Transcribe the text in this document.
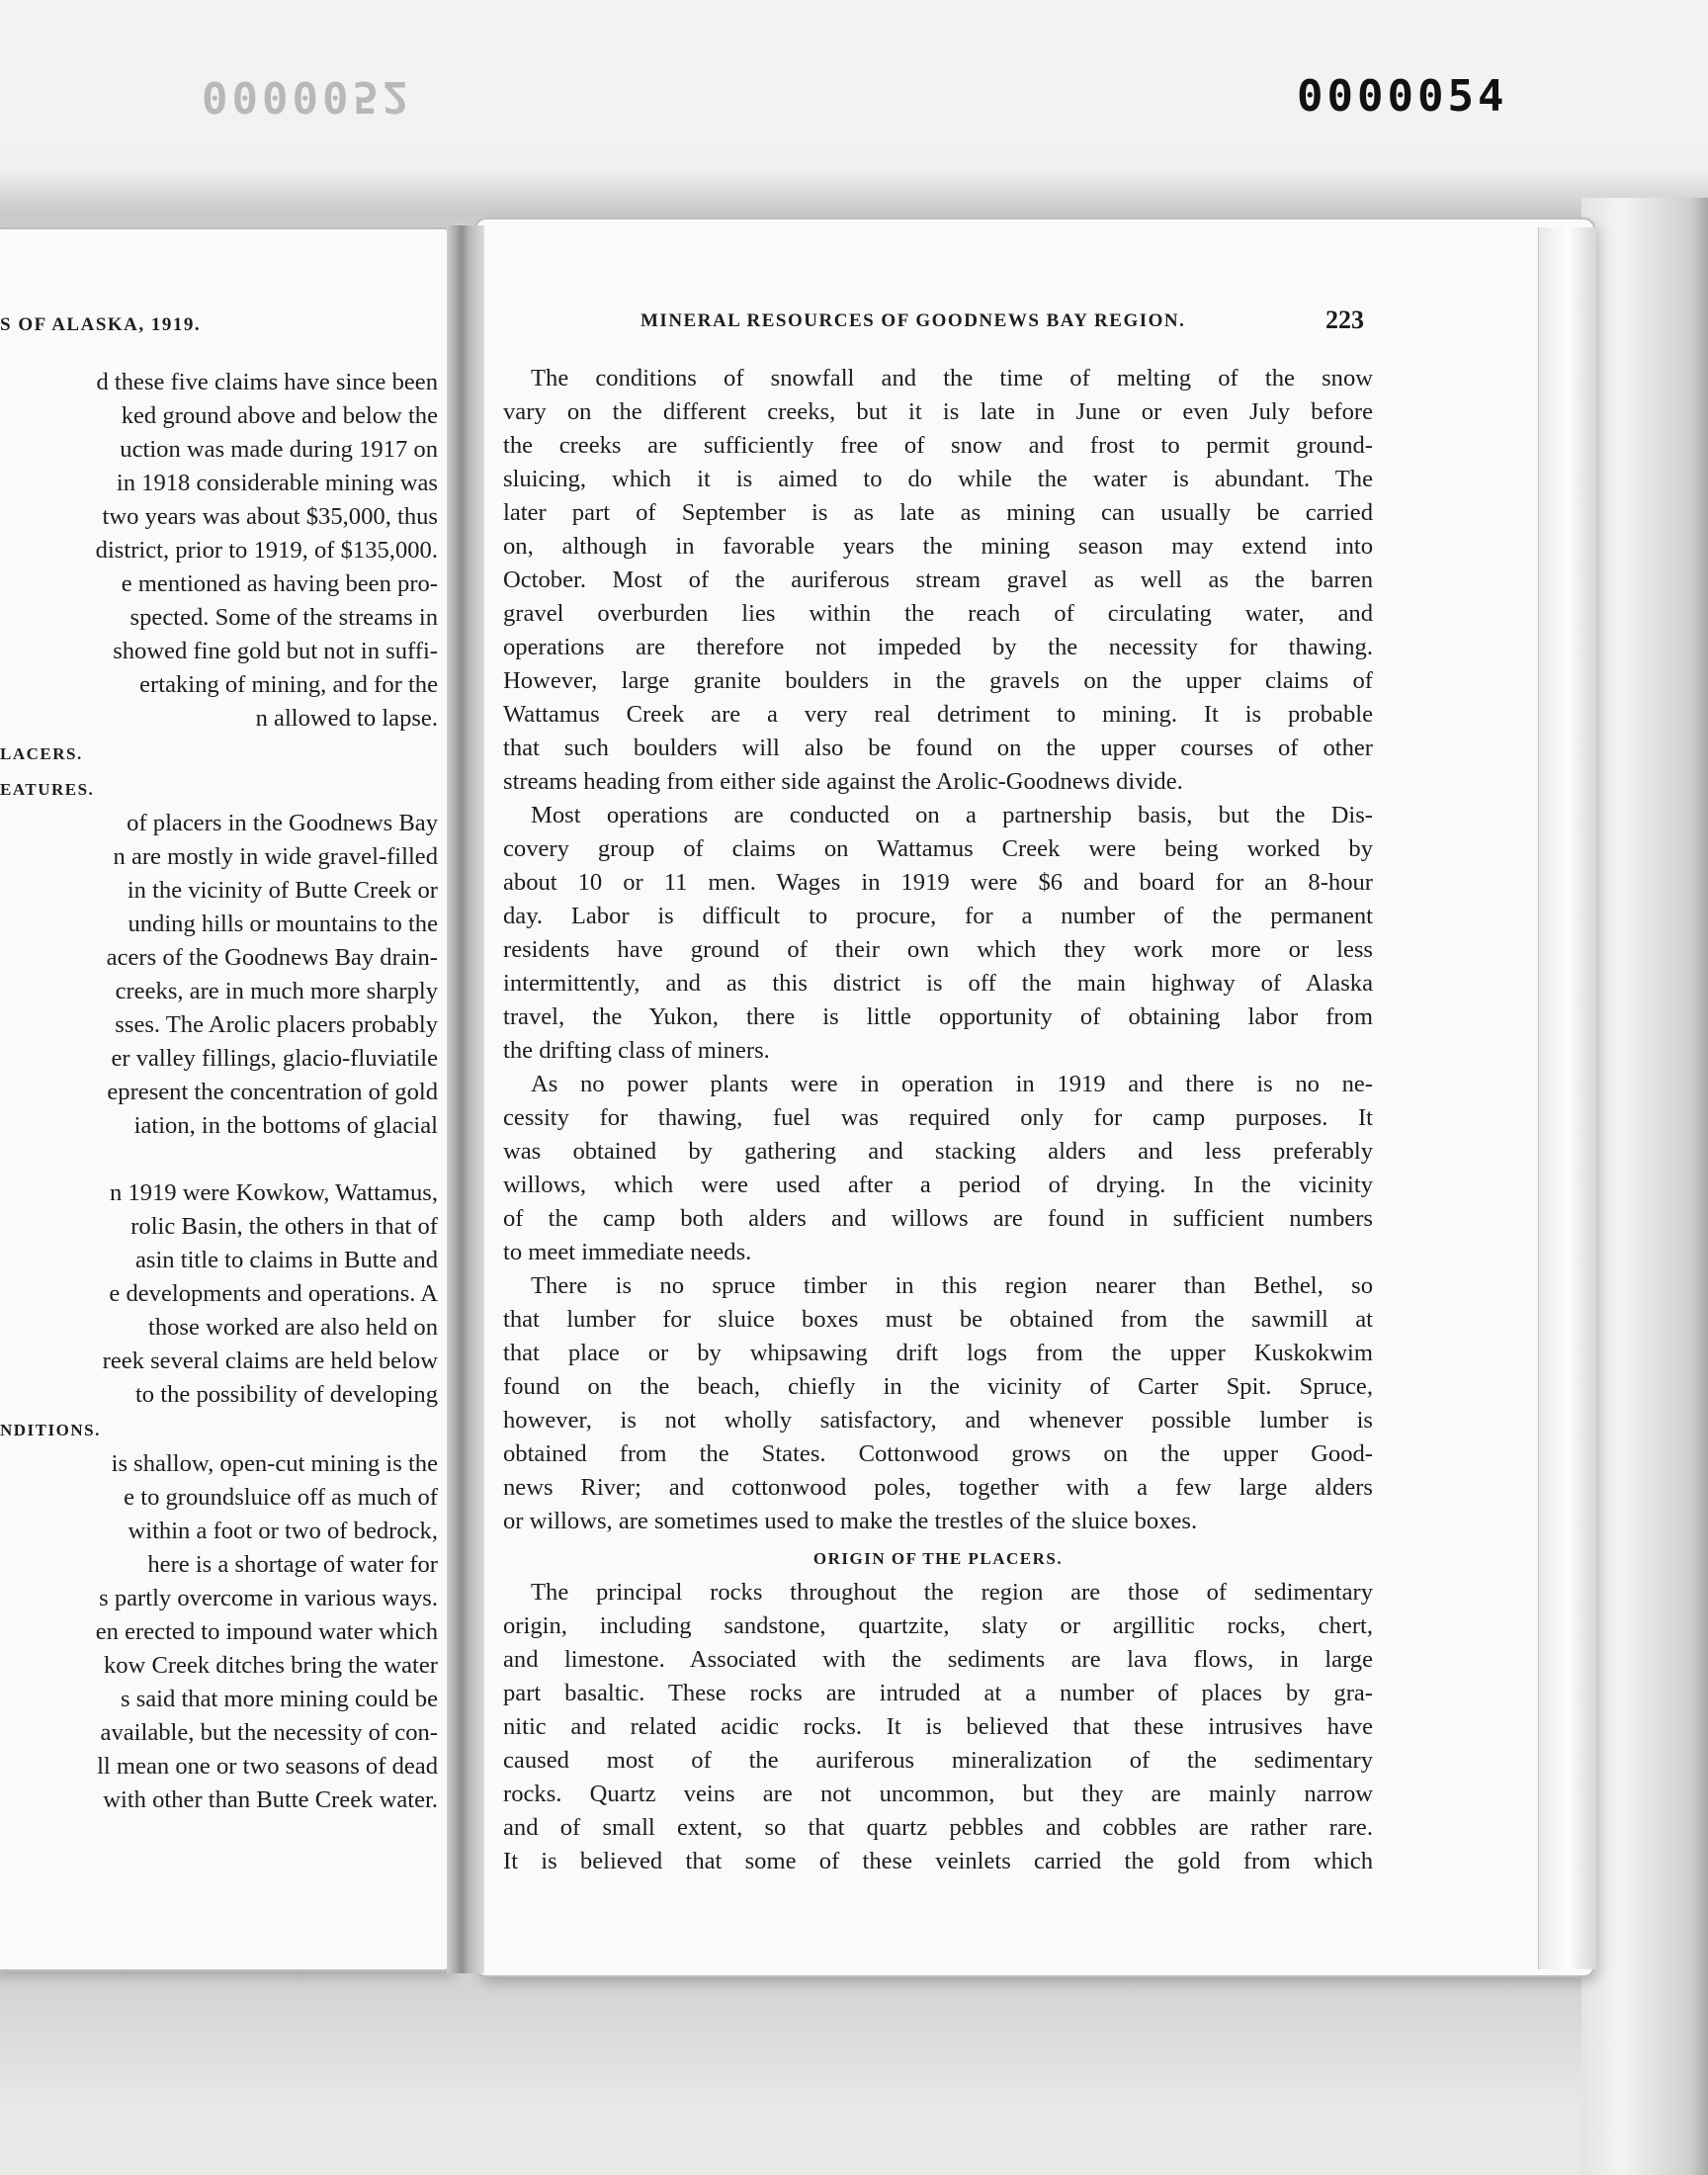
0000052	0000054
S OF ALASKA, 1919.	MINERAL RESOURCES OF GOODNEWS BAY REGION.	223
d these five claims have since been
ked ground above and below the
uction was made during 1917 on
in 1918 considerable mining was
two years was about $35,000, thus
district, prior to 1919, of $135,000.
e mentioned as having been pro-
spected. Some of the streams in
showed fine gold but not in suffi-
ertaking of mining, and for the
n allowed to lapse.
LACERS.
EATURES.
of placers in the Goodnews Bay
n are mostly in wide gravel-filled
in the vicinity of Butte Creek or
unding hills or mountains to the
acers of the Goodnews Bay drain-
creeks, are in much more sharply
sses. The Arolic placers probably
er valley fillings, glacio-fluviatile
epresent the concentration of gold
iation, in the bottoms of glacial
n 1919 were Kowkow, Wattamus,
rolic Basin, the others in that of
asin title to claims in Butte and
e developments and operations. A
those worked are also held on
reek several claims are held below
to the possibility of developing
NDITIONS.
is shallow, open-cut mining is the
e to groundsluice off as much of
within a foot or two of bedrock,
here is a shortage of water for
s partly overcome in various ways.
en erected to impound water which
kow Creek ditches bring the water
s said that more mining could be
available, but the necessity of con-
ll mean one or two seasons of dead
with other than Butte Creek water.
The conditions of snowfall and the time of melting of the snow
vary on the different creeks, but it is late in June or even July before
the creeks are sufficiently free of snow and frost to permit ground-
sluicing, which it is aimed to do while the water is abundant. The
later part of September is as late as mining can usually be carried
on, although in favorable years the mining season may extend into
October. Most of the auriferous stream gravel as well as the barren
gravel overburden lies within the reach of circulating water, and
operations are therefore not impeded by the necessity for thawing.
However, large granite boulders in the gravels on the upper claims of
Wattamus Creek are a very real detriment to mining. It is probable
that such boulders will also be found on the upper courses of other
streams heading from either side against the Arolic-Goodnews divide.
Most operations are conducted on a partnership basis, but the Dis-
covery group of claims on Wattamus Creek were being worked by
about 10 or 11 men. Wages in 1919 were $6 and board for an 8-hour
day. Labor is difficult to procure, for a number of the permanent
residents have ground of their own which they work more or less
intermittently, and as this district is off the main highway of Alaska
travel, the Yukon, there is little opportunity of obtaining labor from
the drifting class of miners.
As no power plants were in operation in 1919 and there is no ne-
cessity for thawing, fuel was required only for camp purposes. It
was obtained by gathering and stacking alders and less preferably
willows, which were used after a period of drying. In the vicinity
of the camp both alders and willows are found in sufficient numbers
to meet immediate needs.
There is no spruce timber in this region nearer than Bethel, so
that lumber for sluice boxes must be obtained from the sawmill at
that place or by whipsawing drift logs from the upper Kuskokwim
found on the beach, chiefly in the vicinity of Carter Spit. Spruce,
however, is not wholly satisfactory, and whenever possible lumber is
obtained from the States. Cottonwood grows on the upper Good-
news River; and cottonwood poles, together with a few large alders
or willows, are sometimes used to make the trestles of the sluice boxes.
ORIGIN OF THE PLACERS.
The principal rocks throughout the region are those of sedimentary
origin, including sandstone, quartzite, slaty or argillitic rocks, chert,
and limestone. Associated with the sediments are lava flows, in large
part basaltic. These rocks are intruded at a number of places by gra-
nitic and related acidic rocks. It is believed that these intrusives have
caused most of the auriferous mineralization of the sedimentary
rocks. Quartz veins are not uncommon, but they are mainly narrow
and of small extent, so that quartz pebbles and cobbles are rather rare.
It is believed that some of these veinlets carried the gold from which
